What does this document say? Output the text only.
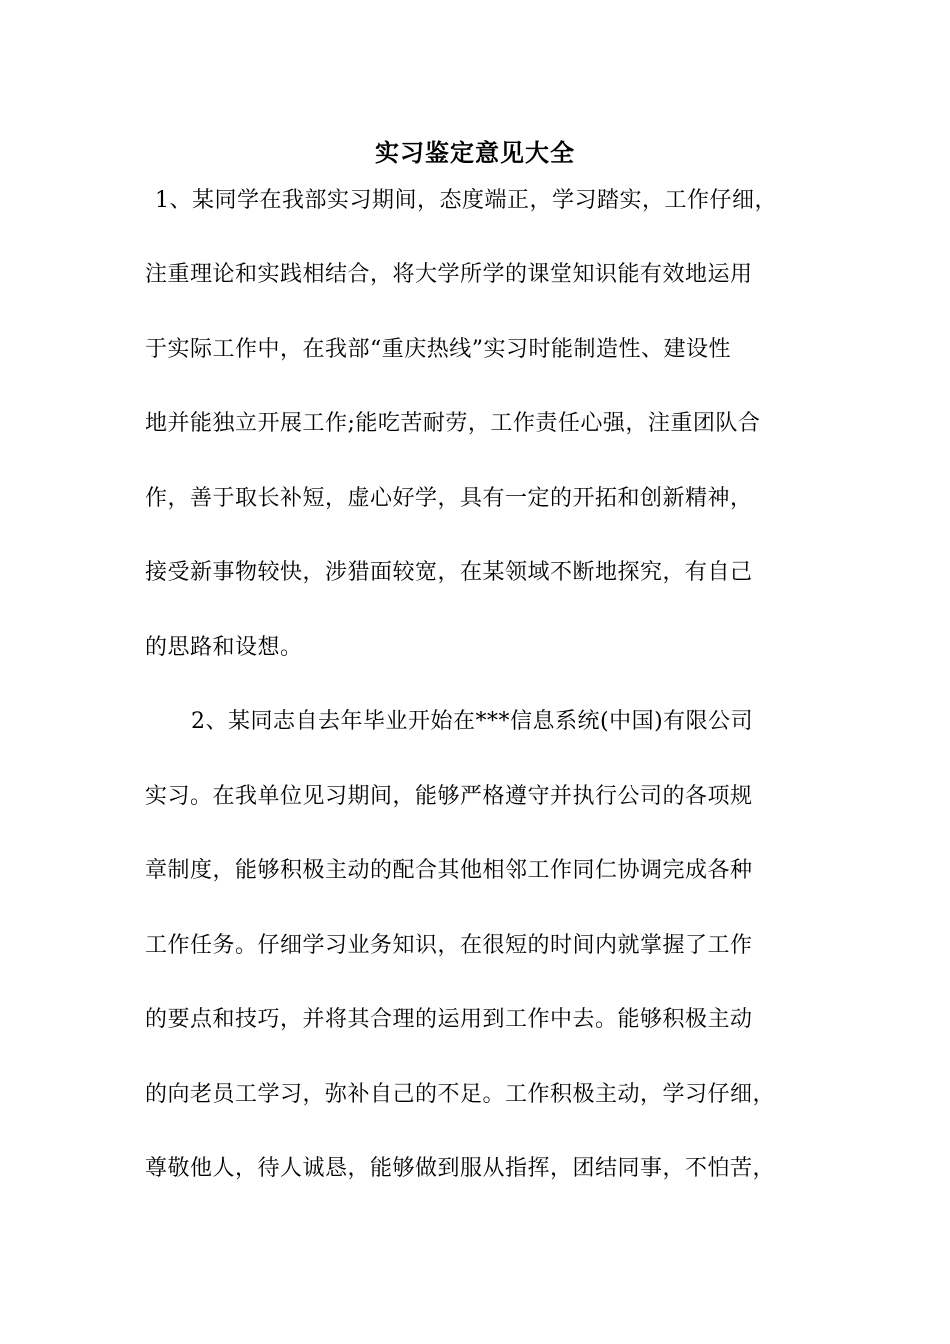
实习鉴定意见大全
1、某同学在我部实习期间，态度端正，学习踏实，工作仔细，
注重理论和实践相结合，将大学所学的课堂知识能有效地运用
于实际工作中，在我部“重庆热线”实习时能制造性、建设性
地并能独立开展工作;能吃苦耐劳，工作责任心强，注重团队合
作，善于取长补短，虚心好学，具有一定的开拓和创新精神，
接受新事物较快，涉猎面较宽，在某领域不断地探究，有自己
的思路和设想。
2、某同志自去年毕业开始在***信息系统(中国)有限公司
实习。在我单位见习期间，能够严格遵守并执行公司的各项规
章制度，能够积极主动的配合其他相邻工作同仁协调完成各种
工作任务。仔细学习业务知识，在很短的时间内就掌握了工作
的要点和技巧，并将其合理的运用到工作中去。能够积极主动
的向老员工学习，弥补自己的不足。工作积极主动，学习仔细，
尊敬他人，待人诚恳，能够做到服从指挥，团结同事，不怕苦，
